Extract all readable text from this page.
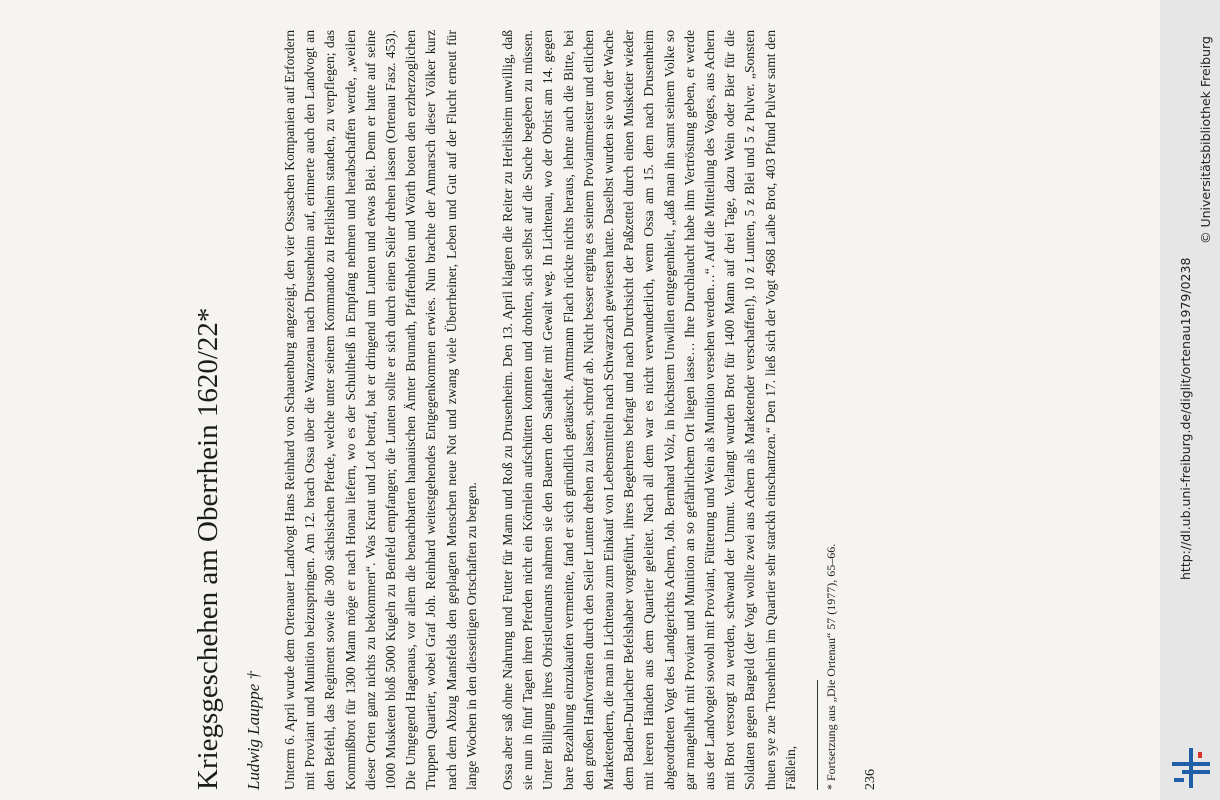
Kriegsgeschehen am Oberrhein 1620/22* Ludwig Lauppe † Unterm 6. April wurde dem Ortenauer Landvogt Hans Reinhard von Schauenburg angezeigt, den vier Ossaschen Kompanien auf Erfordern mit Proviant und Munition beizuspringen. Am 12. brach Ossa über die Wanzenau nach Drusenheim auf, erinnerte auch den Landvogt an den Befehl, das Regiment sowie die 300 sächsischen Pferde, welche unter seinem Kommando zu Herlisheim standen, zu verpflegen; das Kommißbrot für 1300 Mann möge er nach Honau liefern, wo es der Schultheiß in Empfang nehmen und herabschaffen werde, „weilen dieser Orten ganz nichts zu bekommen“. Was Kraut und Lot betraf, bat er dringend um Lunten und etwas Blei. Denn er hatte auf seine 1000 Musketen bloß 5000 Kugeln zu Benfeld empfangen; die Lunten sollte er sich durch einen Seiler drehen lassen (Ortenau Fasz. 453). Die Umgegend Hagenaus, vor allem die benachbarten hanauischen Ämter Brumath, Pfaffenhofen und Wörth boten den erzherzoglichen Truppen Quartier, wobei Graf Joh. Reinhard weitestgehendes Entgegenkommen erwies. Nun brachte der Anmarsch dieser Völker kurz nach dem Abzug Mansfelds den geplagten Menschen neue Not und zwang viele Überrheiner, Leben und Gut auf der Flucht erneut für lange Wochen in den diesseitigen Ortschaften zu bergen. Ossa aber saß ohne Nahrung und Futter für Mann und Roß zu Drusenheim. Den 13. April klagten die Reiter zu Herlisheim unwillig, daß sie nun in fünf Tagen ihren Pferden nicht ein Körnlein aufschütten konnten und drohten, sich selbst auf die Suche begeben zu müssen. Unter Billigung ihres Obristleutnants nahmen sie den Bauern den Saathafer mit Gewalt weg. In Lichtenau, wo der Obrist am 14. gegen bare Bezahlung einzukaufen vermeinte, fand er sich gründlich getäuscht. Amtmann Flach rückte nichts heraus, lehnte auch die Bitte, bei den großen Hanfvorräten durch den Seiler Lunten drehen zu lassen, schroff ab. Nicht besser erging es seinem Proviantmeister und etlichen Marketendern, die man in Lichtenau zum Einkauf von Lebensmitteln nach Schwarzach gewiesen hatte. Daselbst wurden sie von der Wache dem Baden-Durlacher Befelshaber vorgeführt, ihres Begehrens befragt und nach Durchsicht der Paßzettel durch einen Musketier wieder mit leeren Händen aus dem Quartier geleitet. Nach all dem war es nicht verwunderlich, wenn Ossa am 15. dem nach Drusenheim abgeordneten Vogt des Landgerichts Achern, Joh. Bernhard Volz, in höchstem Unwillen entgegenhielt, „daß man ihn samt seinem Volke so gar mangelhaft mit Proviant und Munition an so gefährlichem Ort liegen lasse… Ihre Durchlaucht habe ihm Vertröstung geben, er werde aus der Landvogtei sowohl mit Proviant, Fütterung und Wein als Munition versehen werden…“. Auf die Mitteilung des Vogtes, aus Achern mit Brot versorgt zu werden, schwand der Unmut. Verlangt wurden Brot für 1400 Mann auf drei Tage, dazu Wein oder Bier für die Soldaten gegen Bargeld (der Vogt wollte zwei aus Achern als Marketender verschaffen!), 10 z Lunten, 5 z Blei und 5 z Pulver. „Sonsten thuen sye zue Trusenheim im Quartier sehr starckh einschantzen.“ Den 17. ließ sich der Vogt 4968 Laibe Brot, 403 Pfund Pulver samt den Fäßlein, * Fortsetzung aus „Die Ortenau“ 57 (1977), 65–66. 236
http://dl.ub.uni-freiburg.de/diglit/ortenau1979/0238
© Universitätsbibliothek Freiburg
